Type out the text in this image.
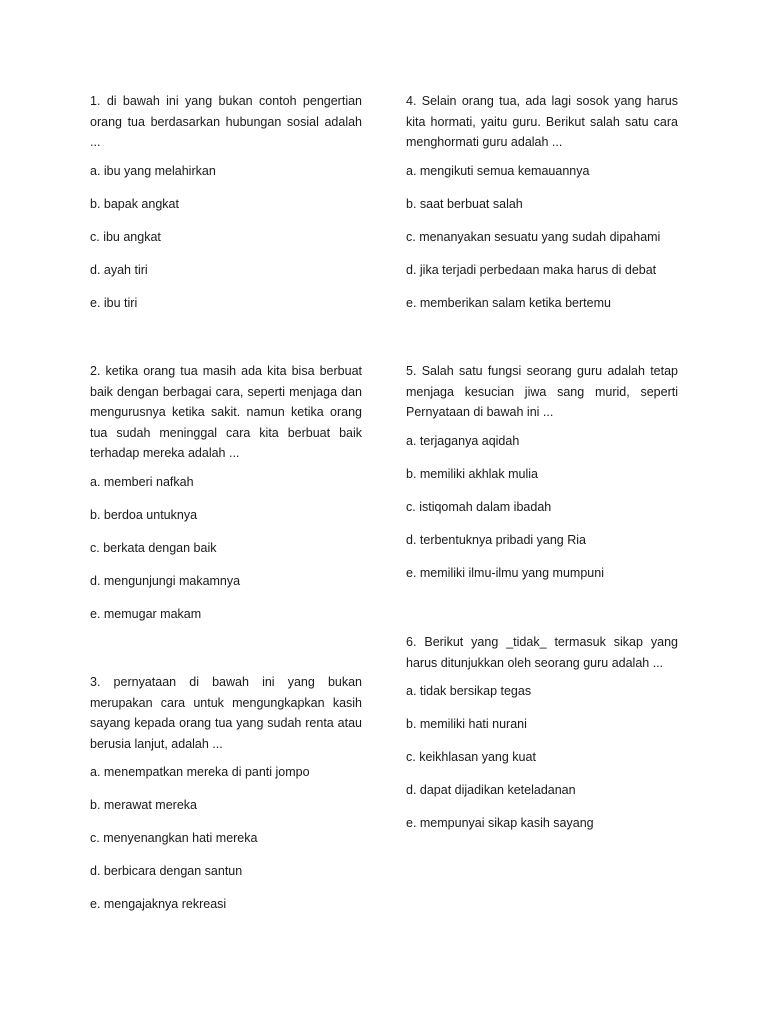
1. di bawah ini yang bukan contoh pengertian orang tua berdasarkan hubungan sosial adalah ...

a. ibu yang melahirkan

b. bapak angkat

c. ibu angkat

d. ayah tiri

e. ibu tiri

2. ketika orang tua masih ada kita bisa berbuat baik dengan berbagai cara, seperti menjaga dan mengurusnya ketika sakit. namun ketika orang tua sudah meninggal cara kita berbuat baik terhadap mereka adalah ...

a. memberi nafkah

b. berdoa untuknya

c. berkata dengan baik

d. mengunjungi makamnya

e. memugar makam

3. pernyataan di bawah ini yang bukan merupakan cara untuk mengungkapkan kasih sayang kepada orang tua yang sudah renta atau berusia lanjut, adalah ...

a. menempatkan mereka di panti jompo

b. merawat mereka

c. menyenangkan hati mereka

d. berbicara dengan santun

e. mengajaknya rekreasi

4. Selain orang tua, ada lagi sosok yang harus kita hormati, yaitu guru. Berikut salah satu cara menghormati guru adalah ...

a. mengikuti semua kemauannya

b. saat berbuat salah

c. menanyakan sesuatu yang sudah dipahami

d. jika terjadi perbedaan maka harus di debat

e. memberikan salam ketika bertemu

5. Salah satu fungsi seorang guru adalah tetap menjaga kesucian jiwa sang murid, seperti Pernyataan di bawah ini ...

a. terjaganya aqidah

b. memiliki akhlak mulia

c. istiqomah dalam ibadah

d. terbentuknya pribadi yang Ria

e. memiliki ilmu-ilmu yang mumpuni

6. Berikut yang _tidak_ termasuk sikap yang harus ditunjukkan oleh seorang guru adalah ...

a. tidak bersikap tegas

b. memiliki hati nurani

c. keikhlasan yang kuat

d. dapat dijadikan keteladanan

e. mempunyai sikap kasih sayang
